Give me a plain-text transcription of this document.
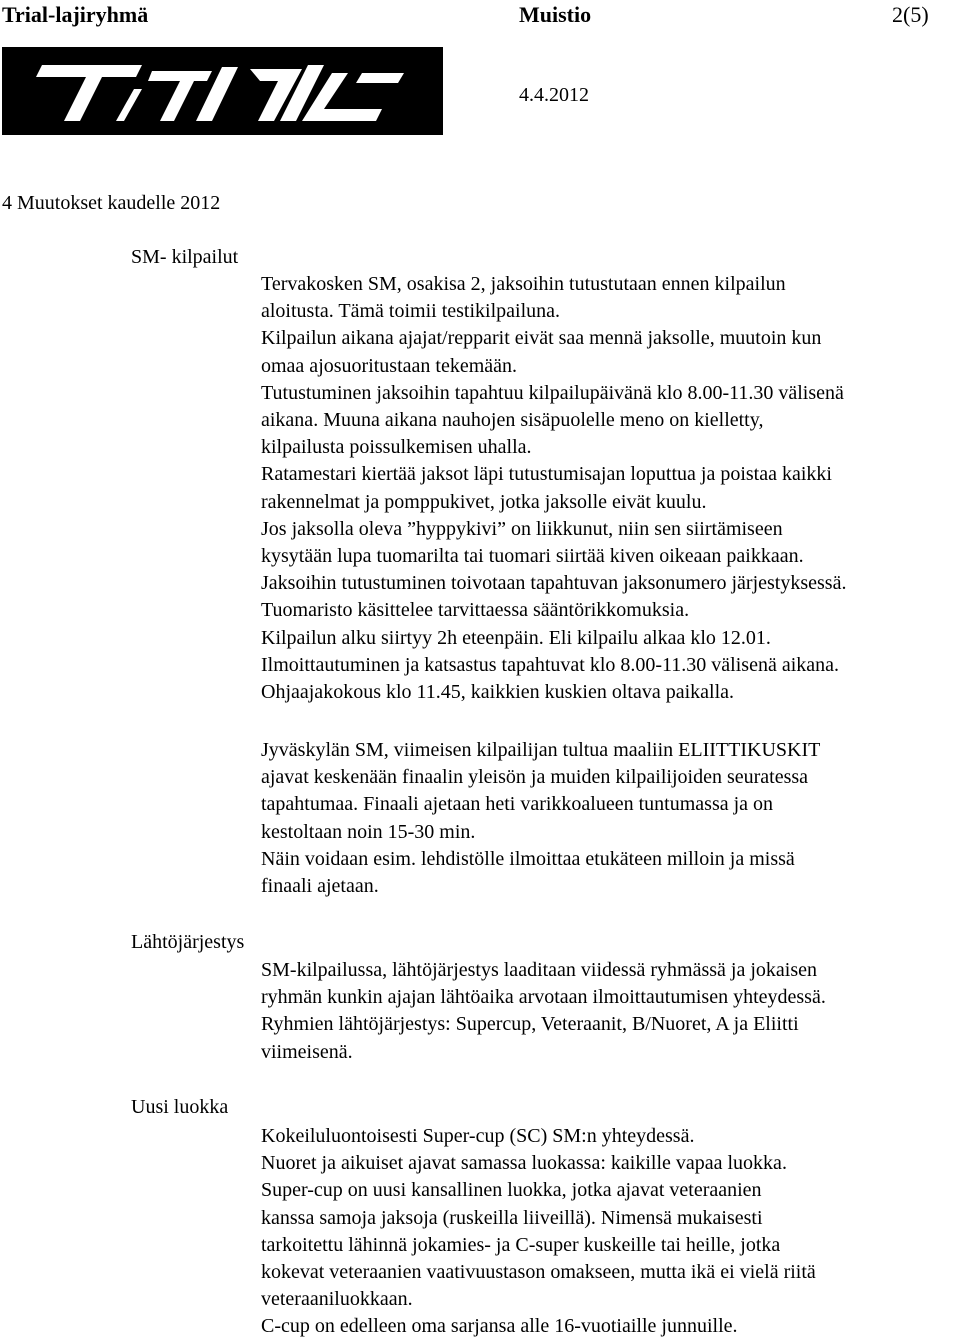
Trial-lajiryhmä	Muistio	2(5)
4.4.2012
4 Muutokset kaudelle 2012
SM- kilpailut
Tervakosken SM, osakisa 2, jaksoihin tutustutaan ennen kilpailun
aloitusta. Tämä toimii testikilpailuna.
Kilpailun aikana ajajat/repparit eivät saa mennä jaksolle, muutoin kun
omaa ajosuoritustaan tekemään.
Tutustuminen jaksoihin tapahtuu kilpailupäivänä klo 8.00-11.30 välisenä
aikana. Muuna aikana nauhojen sisäpuolelle meno on kielletty,
kilpailusta poissulkemisen uhalla.
Ratamestari kiertää jaksot läpi tutustumisajan loputtua ja poistaa kaikki
rakennelmat ja pomppukivet, jotka jaksolle eivät kuulu.
Jos jaksolla oleva ”hyppykivi” on liikkunut, niin sen siirtämiseen
kysytään lupa tuomarilta tai tuomari siirtää kiven oikeaan paikkaan.
Jaksoihin tutustuminen toivotaan tapahtuvan jaksonumero järjestyksessä.
Tuomaristo käsittelee tarvittaessa sääntörikkomuksia.
Kilpailun alku siirtyy 2h eteenpäin. Eli kilpailu alkaa klo 12.01.
Ilmoittautuminen ja katsastus tapahtuvat klo 8.00-11.30 välisenä aikana.
Ohjaajakokous klo 11.45, kaikkien kuskien oltava paikalla.
Jyväskylän SM, viimeisen kilpailijan tultua maaliin ELIITTIKUSKIT
ajavat keskenään finaalin yleisön ja muiden kilpailijoiden seuratessa
tapahtumaa. Finaali ajetaan heti varikkoalueen tuntumassa ja on
kestoltaan noin 15-30 min.
Näin voidaan esim. lehdistölle ilmoittaa etukäteen milloin ja missä
finaali ajetaan.
Lähtöjärjestys
SM-kilpailussa, lähtöjärjestys laaditaan viidessä ryhmässä ja jokaisen
ryhmän kunkin ajajan lähtöaika arvotaan ilmoittautumisen yhteydessä.
Ryhmien lähtöjärjestys: Supercup, Veteraanit, B/Nuoret, A ja Eliitti
viimeisenä.
Uusi luokka
Kokeiluluontoisesti Super-cup (SC) SM:n yhteydessä.
Nuoret ja aikuiset ajavat samassa luokassa: kaikille vapaa luokka.
Super-cup on uusi kansallinen luokka, jotka ajavat veteraanien
kanssa samoja jaksoja (ruskeilla liiveillä). Nimensä mukaisesti
tarkoitettu lähinnä jokamies- ja C-super kuskeille tai heille, jotka
kokevat veteraanien vaativuustason omakseen, mutta ikä ei vielä riitä
veteraaniluokkaan.
C-cup on edelleen oma sarjansa alle 16-vuotiaille junnuille.
